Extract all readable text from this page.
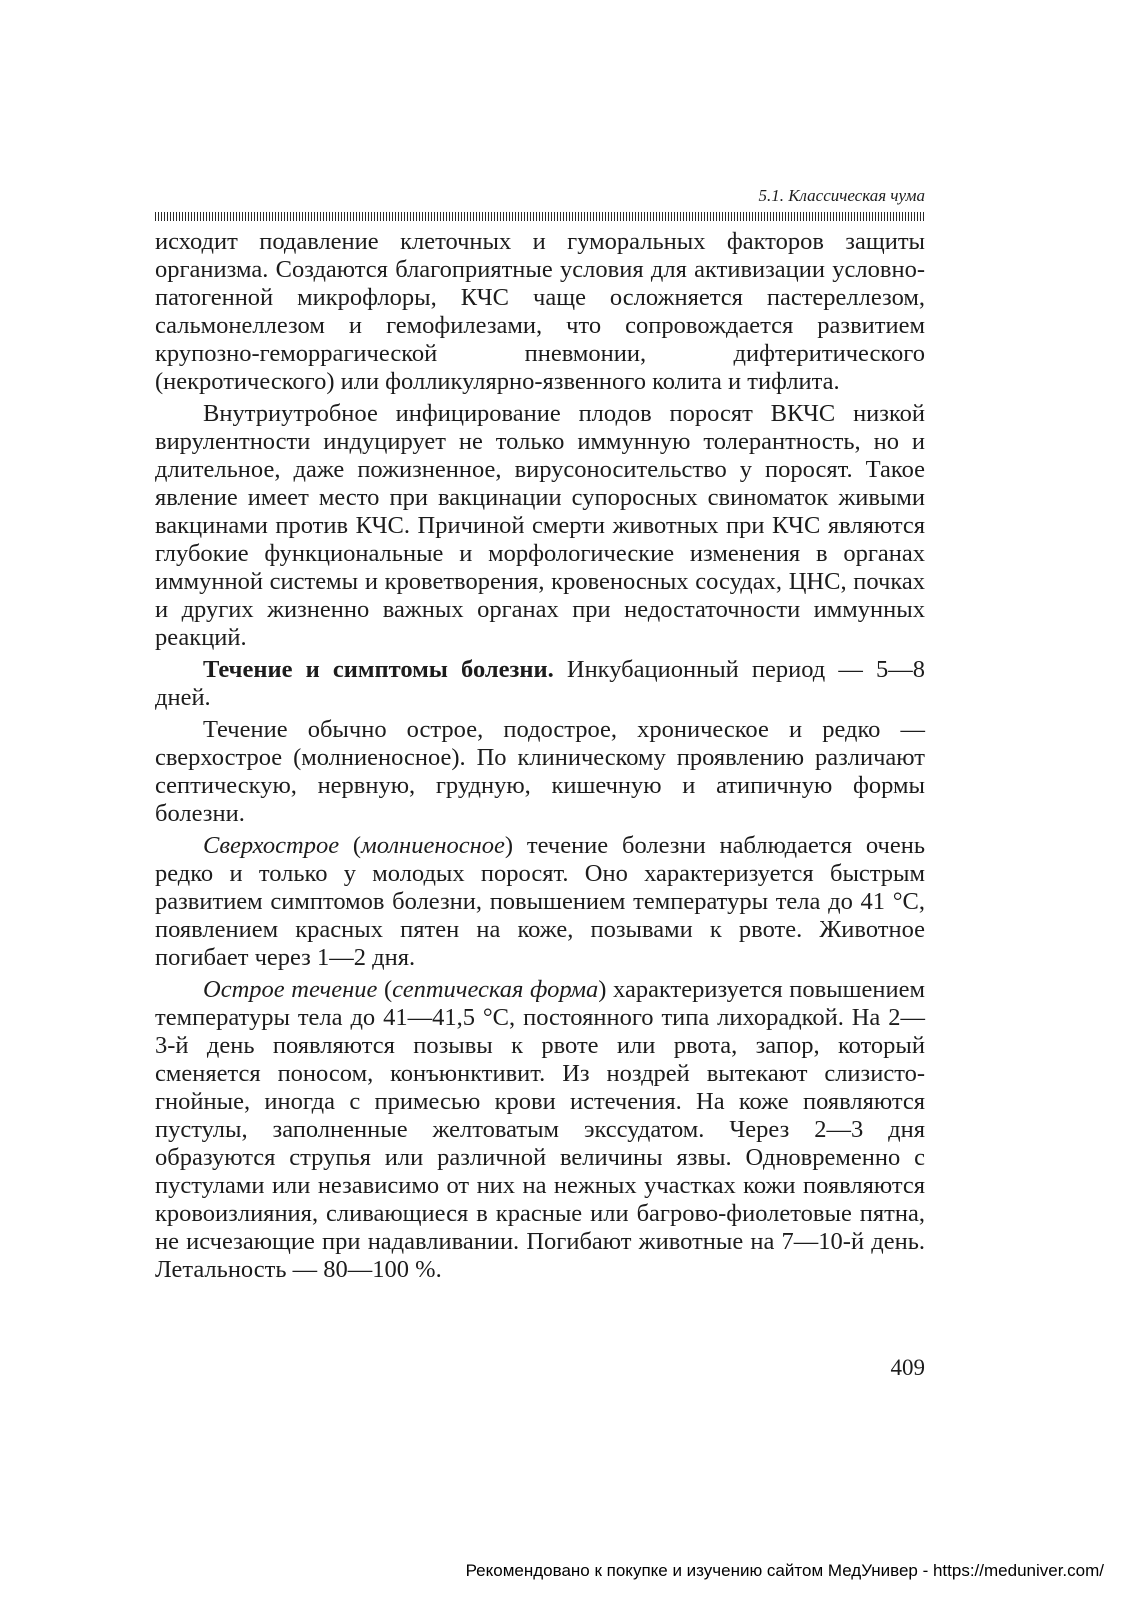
5.1. Классическая чума

исходит подавление клеточных и гуморальных факторов защиты организма. Создаются благоприятные условия для активизации условно-патогенной микрофлоры, КЧС чаще осложняется пастереллезом, сальмонеллезом и гемофилезами, что сопровождается развитием крупозно-геморрагической пневмонии, дифтеритического (некротического) или фолликулярно-язвенного колита и тифлита.

Внутриутробное инфицирование плодов поросят ВКЧС низкой вирулентности индуцирует не только иммунную толерантность, но и длительное, даже пожизненное, вирусоносительство у поросят. Такое явление имеет место при вакцинации супоросных свиноматок живыми вакцинами против КЧС. Причиной смерти животных при КЧС являются глубокие функциональные и морфологические изменения в органах иммунной системы и кроветворения, кровеносных сосудах, ЦНС, почках и других жизненно важных органах при недостаточности иммунных реакций.

Течение и симптомы болезни. Инкубационный период — 5—8 дней.

Течение обычно острое, подострое, хроническое и редко — сверхострое (молниеносное). По клиническому проявлению различают септическую, нервную, грудную, кишечную и атипичную формы болезни.

Сверхострое (молниеносное) течение болезни наблюдается очень редко и только у молодых поросят. Оно характеризуется быстрым развитием симптомов болезни, повышением температуры тела до 41 °С, появлением красных пятен на коже, позывами к рвоте. Животное погибает через 1—2 дня.

Острое течение (септическая форма) характеризуется повышением температуры тела до 41—41,5 °С, постоянного типа лихорадкой. На 2—3-й день появляются позывы к рвоте или рвота, запор, который сменяется поносом, конъюнктивит. Из ноздрей вытекают слизисто-гнойные, иногда с примесью крови истечения. На коже появляются пустулы, заполненные желтоватым экссудатом. Через 2—3 дня образуются струпья или различной величины язвы. Одновременно с пустулами или независимо от них на нежных участках кожи появляются кровоизлияния, сливающиеся в красные или багрово-фиолетовые пятна, не исчезающие при надавливании. Погибают животные на 7—10-й день. Летальность — 80—100 %.

409
Рекомендовано к покупке и изучению сайтом МедУнивер - https://meduniver.com/
